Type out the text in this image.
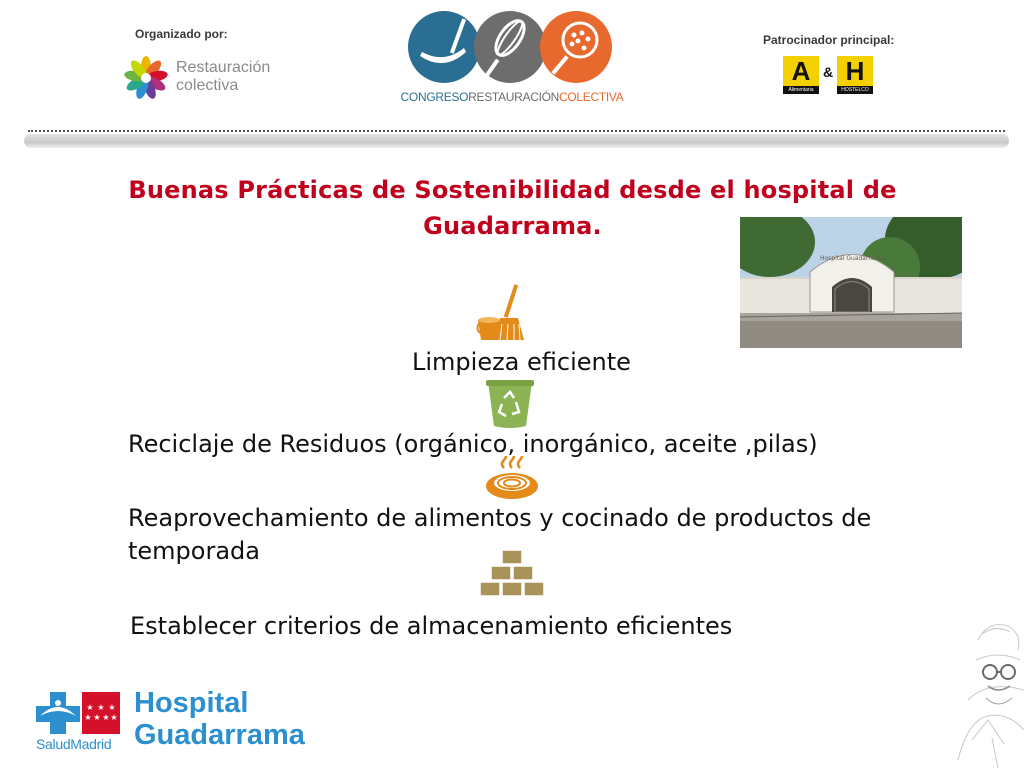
Organizado por:
Restauración
colectiva
CONGRESORESTAURACIÓNCOLECTIVA
Patrocinador principal:
A
Alimentaria
& H
HOSTELCO
Buenas Prácticas de Sostenibilidad desde el hospital de Guadarrama.
Hospital Guadarrama
Limpieza eficiente
Reciclaje de Residuos (orgánico, inorgánico, aceite ,pilas)
Reaprovechamiento de alimentos y cocinado de productos de temporada
Establecer criterios de almacenamiento eficientes
★ ★ ★
★ ★ ★ ★
SaludMadrid
Hospital
Guadarrama
